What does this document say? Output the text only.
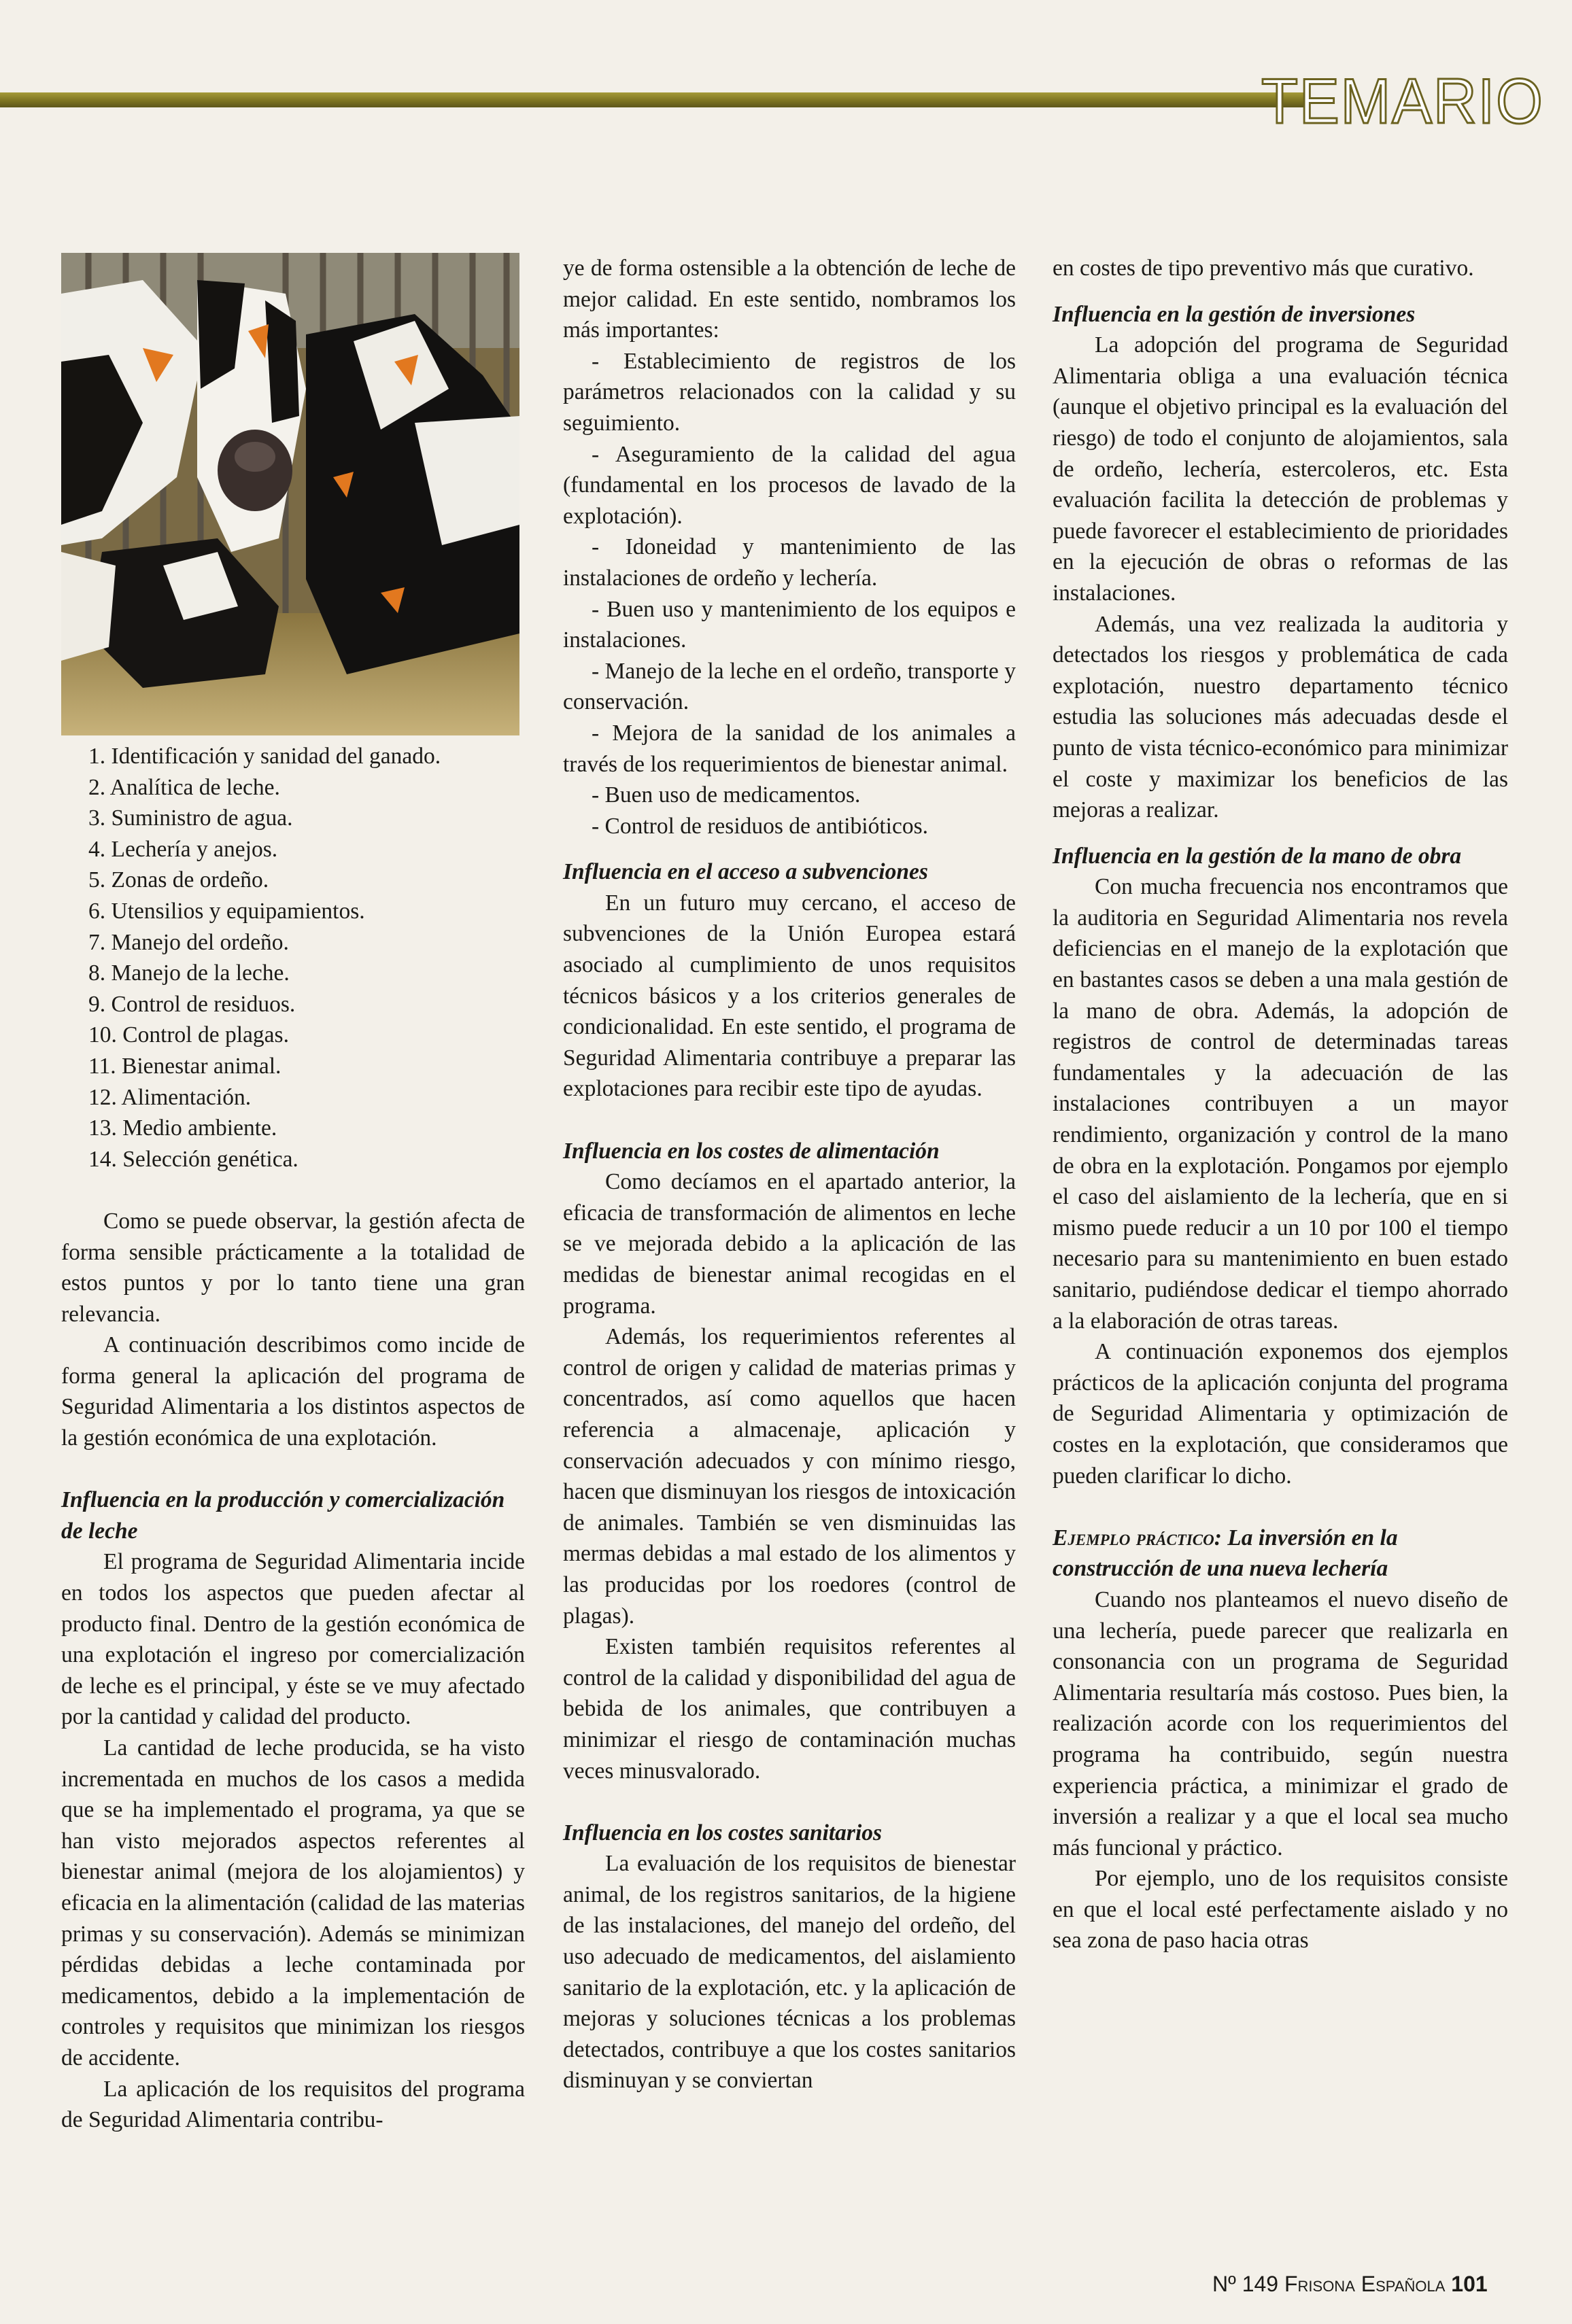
TEMARIO
1. Identificación y sanidad del ganado.
2. Analítica de leche.
3. Suministro de agua.
4. Lechería y anejos.
5. Zonas de ordeño.
6. Utensilios y equipamientos.
7. Manejo del ordeño.
8. Manejo de la leche.
9. Control de residuos.
10. Control de plagas.
11. Bienestar animal.
12. Alimentación.
13. Medio ambiente.
14. Selección genética.

Como se puede observar, la gestión afecta de forma sensible prácticamente a la totalidad de estos puntos y por lo tanto tiene una gran relevancia.

A continuación describimos como incide de forma general la aplicación del programa de Seguridad Alimentaria a los distintos aspectos de la gestión económica de una explotación.

Influencia en la producción y comercialización de leche

El programa de Seguridad Alimentaria incide en todos los aspectos que pueden afectar al producto final. Dentro de la gestión económica de una explotación el ingreso por comercialización de leche es el principal, y éste se ve muy afectado por la cantidad y calidad del producto.

La cantidad de leche producida, se ha visto incrementada en muchos de los casos a medida que se ha implementado el programa, ya que se han visto mejorados aspectos referentes al bienestar animal (mejora de los alojamientos) y eficacia en la alimentación (calidad de las materias primas y su conservación). Además se minimizan pérdidas debidas a leche contaminada por medicamentos, debido a la implementación de controles y requisitos que minimizan los riesgos de accidente.

La aplicación de los requisitos del programa de Seguridad Alimentaria contribu-

ye de forma ostensible a la obtención de leche de mejor calidad. En este sentido, nombramos los más importantes:

- Establecimiento de registros de los parámetros relacionados con la calidad y su seguimiento.

- Aseguramiento de la calidad del agua (fundamental en los procesos de lavado de la explotación).

- Idoneidad y mantenimiento de las instalaciones de ordeño y lechería.

- Buen uso y mantenimiento de los equipos e instalaciones.

- Manejo de la leche en el ordeño, transporte y conservación.

- Mejora de la sanidad de los animales a través de los requerimientos de bienestar animal.

- Buen uso de medicamentos.

- Control de residuos de antibióticos.

Influencia en el acceso a subvenciones

En un futuro muy cercano, el acceso de subvenciones de la Unión Europea estará asociado al cumplimiento de unos requisitos técnicos básicos y a los criterios generales de condicionalidad. En este sentido, el programa de Seguridad Alimentaria contribuye a preparar las explotaciones para recibir este tipo de ayudas.

Influencia en los costes de alimentación

Como decíamos en el apartado anterior, la eficacia de transformación de alimentos en leche se ve mejorada debido a la aplicación de las medidas de bienestar animal recogidas en el programa.

Además, los requerimientos referentes al control de origen y calidad de materias primas y concentrados, así como aquellos que hacen referencia a almacenaje, aplicación y conservación adecuados y con mínimo riesgo, hacen que disminuyan los riesgos de intoxicación de animales. También se ven disminuidas las mermas debidas a mal estado de los alimentos y las producidas por los roedores (control de plagas).

Existen también requisitos referentes al control de la calidad y disponibilidad del agua de bebida de los animales, que contribuyen a minimizar el riesgo de contaminación muchas veces minusvalorado.

Influencia en los costes sanitarios

La evaluación de los requisitos de bienestar animal, de los registros sanitarios, de la higiene de las instalaciones, del manejo del ordeño, del uso adecuado de medicamentos, del aislamiento sanitario de la explotación, etc. y la aplicación de mejoras y soluciones técnicas a los problemas detectados, contribuye a que los costes sanitarios disminuyan y se conviertan

en costes de tipo preventivo más que curativo.

Influencia en la gestión de inversiones

La adopción del programa de Seguridad Alimentaria obliga a una evaluación técnica (aunque el objetivo principal es la evaluación del riesgo) de todo el conjunto de alojamientos, sala de ordeño, lechería, estercoleros, etc. Esta evaluación facilita la detección de problemas y puede favorecer el establecimiento de prioridades en la ejecución de obras o reformas de las instalaciones.

Además, una vez realizada la auditoria y detectados los riesgos y problemática de cada explotación, nuestro departamento técnico estudia las soluciones más adecuadas desde el punto de vista técnico-económico para minimizar el coste y maximizar los beneficios de las mejoras a realizar.

Influencia en la gestión de la mano de obra

Con mucha frecuencia nos encontramos que la auditoria en Seguridad Alimentaria nos revela deficiencias en el manejo de la explotación que en bastantes casos se deben a una mala gestión de la mano de obra. Además, la adopción de registros de control de determinadas tareas fundamentales y la adecuación de las instalaciones contribuyen a un mayor rendimiento, organización y control de la mano de obra en la explotación. Pongamos por ejemplo el caso del aislamiento de la lechería, que en si mismo puede reducir a un 10 por 100 el tiempo necesario para su mantenimiento en buen estado sanitario, pudiéndose dedicar el tiempo ahorrado a la elaboración de otras tareas.

A continuación exponemos dos ejemplos prácticos de la aplicación conjunta del programa de Seguridad Alimentaria y optimización de costes en la explotación, que consideramos que pueden clarificar lo dicho.

Ejemplo práctico: La inversión en la construcción de una nueva lechería

Cuando nos planteamos el nuevo diseño de una lechería, puede parecer que realizarla en consonancia con un programa de Seguridad Alimentaria resultaría más costoso. Pues bien, la realización acorde con los requerimientos del programa ha contribuido, según nuestra experiencia práctica, a minimizar el grado de inversión a realizar y a que el local sea mucho más funcional y práctico.

Por ejemplo, uno de los requisitos consiste en que el local esté perfectamente aislado y no sea zona de paso hacia otras

Nº 149 Frisona Española 101
